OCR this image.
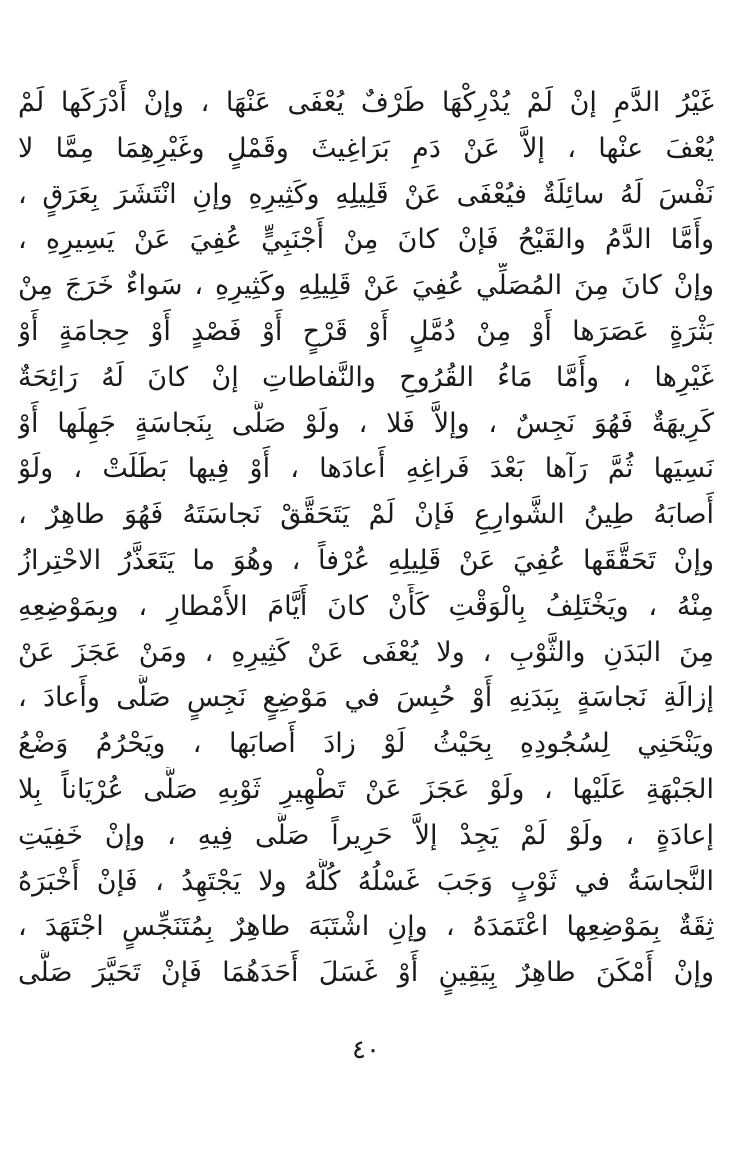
غَيْرُ الدَّمِ إنْ لَمْ يُدْرِكْهَا طَرْفٌ يُعْفَى عَنْهَا ، وإنْ أَدْرَكَها لَمْ
يُعْفَ عنْها ، إلاَّ عَنْ دَمِ بَرَاغِيثَ وقَمْلٍ وغَيْرِهِمَا مِمَّا لا
نَفْسَ لَهُ سائِلَةٌ فيُعْفَى عَنْ قَلِيلِهِ وكَثِيرِهِ وإنِ انْتَشَرَ بِعَرَقٍ ،
وأَمَّا الدَّمُ والقَيْحُ فَإنْ كانَ مِنْ أَجْنَبِيٍّ عُفِيَ عَنْ يَسِيرِهِ ،
وإنْ كانَ مِنَ المُصَلِّي عُفِيَ عَنْ قَلِيلِهِ وكَثِيرِهِ ، سَواءٌ خَرَجَ مِنْ
بَثْرَةٍ عَصَرَها أَوْ مِنْ دُمَّلٍ أَوْ قَرْحٍ أَوْ فَصْدٍ أَوْ حِجامَةٍ أَوْ
غَيْرِها ، وأَمَّا مَاءُ القُرُوحِ والنَّفاطاتِ إنْ كانَ لَهُ رَائِحَةٌ
كَرِيهَةٌ فَهُوَ نَجِسٌ ، وإلاَّ فَلا ، ولَوْ صَلَّى بِنَجاسَةٍ جَهِلَها أَوْ
نَسِيَها ثُمَّ رَآها بَعْدَ فَراغِهِ أَعادَها ، أَوْ فِيها بَطَلَتْ ، ولَوْ
أَصابَهُ طِينُ الشَّوارِعِ فَإنْ لَمْ يَتَحَقَّقْ نَجاسَتَهُ فَهُوَ طاهِرٌ ،
وإنْ تَحَقَّقَها عُفِيَ عَنْ قَلِيلِهِ عُرْفاً ، وهُوَ ما يَتَعَذَّرُ الاحْتِرازُ
مِنْهُ ، ويَخْتَلِفُ بِالْوَقْتِ كَأَنْ كانَ أَيَّامَ الأَمْطارِ ، وبِمَوْضِعِهِ
مِنَ البَدَنِ والثَّوْبِ ، ولا يُعْفَى عَنْ كَثِيرِهِ ، ومَنْ عَجَزَ عَنْ
إزالَةِ نَجاسَةٍ بِبَدَنِهِ أَوْ حُبِسَ في مَوْضِعٍ نَجِسٍ صَلَّى وأَعادَ ،
ويَنْحَنِي لِسُجُودِهِ بِحَيْثُ لَوْ زادَ أَصابَها ، ويَحْرُمُ وَضْعُ
الجَبْهَةِ عَلَيْها ، ولَوْ عَجَزَ عَنْ تَطْهِيرِ ثَوْبِهِ صَلَّى عُرْيَاناً بِلا
إعادَةٍ ، ولَوْ لَمْ يَجِدْ إلاَّ حَرِيراً صَلَّى فِيهِ ، وإنْ خَفِيَتِ
النَّجاسَةُ في ثَوْبٍ وَجَبَ غَسْلُهُ كُلُّهُ ولا يَجْتَهِدُ ، فَإنْ أَخْبَرَهُ
ثِقَةٌ بِمَوْضِعِها اعْتَمَدَهُ ، وإنِ اشْتَبَهَ طاهِرٌ بِمُتَنَجِّسٍ اجْتَهَدَ ،
وإنْ أَمْكَنَ طاهِرٌ بِيَقِينٍ أَوْ غَسَلَ أَحَدَهُمَا فَإنْ تَحَيَّرَ صَلَّى
٤٠
